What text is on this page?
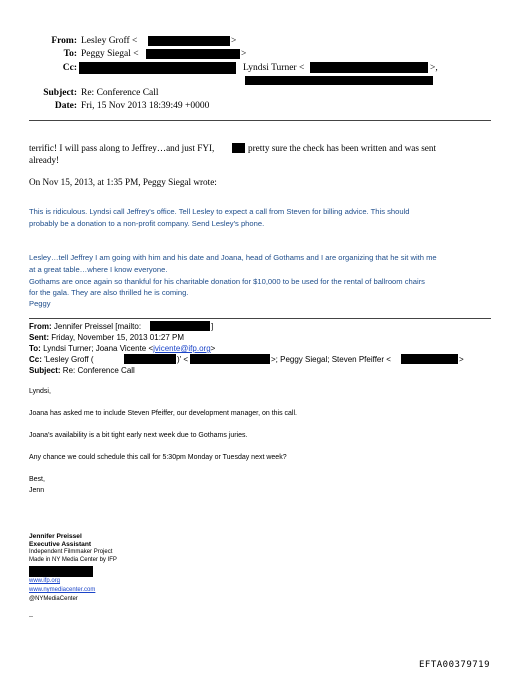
From: Lesley Groff <	>
To: Peggy Siegal <	>
Cc:	Lyndsi Turner <	>,
Subject: Re: Conference Call
Date: Fri, 15 Nov 2013 18:39:49 +0000
terrific! I will pass along to Jeffrey…and just FYI,	pretty sure the check has been written and was sent
already!
On Nov 15, 2013, at 1:35 PM, Peggy Siegal wrote:
This is ridiculous. Lyndsi call Jeffrey's office. Tell Lesley to expect a call from Steven for billing advice. This should
probably be a donation to a non-profit company. Send Lesley's phone.
Lesley…tell Jeffrey I am going with him and his date and Joana, head of Gothams and I are organizing that he sit with me
at a great table…where I know everyone.
Gothams are once again so thankful for his charitable donation for $10,000 to be used for the rental of ballroom chairs
for the gala. They are also thrilled he is coming.
Peggy
From: Jennifer Preissel [mailto:	]
Sent: Friday, November 15, 2013 01:27 PM
To: Lyndsi Turner; Joana Vicente <jvicente@ifp.org>
Cc: 'Lesley Groff (	)' <	>; Peggy Siegal; Steven Pfeiffer <	>
Subject: Re: Conference Call
Lyndsi,
Joana has asked me to include Steven Pfeiffer, our development manager, on this call.
Joana's availability is a bit tight early next week due to Gothams juries.
Any chance we could schedule this call for 5:30pm Monday or Tuesday next week?
Best,
Jenn
Jennifer Preissel
Executive Assistant
Independent Filmmaker Project
Made in NY Media Center by IFP
www.ifp.org
www.nymediacenter.com
@NYMediaCenter
--
EFTA00379719
